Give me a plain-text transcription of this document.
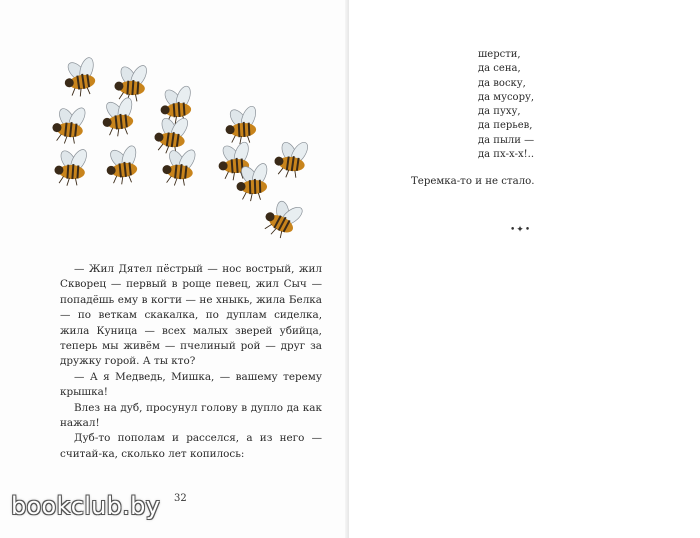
— Жил Дятел пёстрый — нос вострый, жил Скворец — первый в роще певец, жил Сыч — попадёшь ему в когти — не хныкь, жила Белка — по веткам скакалка, по дуплам сиделка, жила Куница — всех малых зверей убийца, теперь мы живём — пчелиный рой — друг за дружку горой. А ты кто?

— А я Медведь, Мишка, — вашему терему крышка!

Влез на дуб, просунул голову в дупло да как нажал!

Дуб-то пополам и расселся, а из него — считай-ка, сколько лет копилось:

32
шерсти,
да сена,
да воску,
да мусору,
да пуху,
да перьев,
да пыли —
да пх-х-х!..
Теремка-то и не стало.
•✦•
bookclub.by
